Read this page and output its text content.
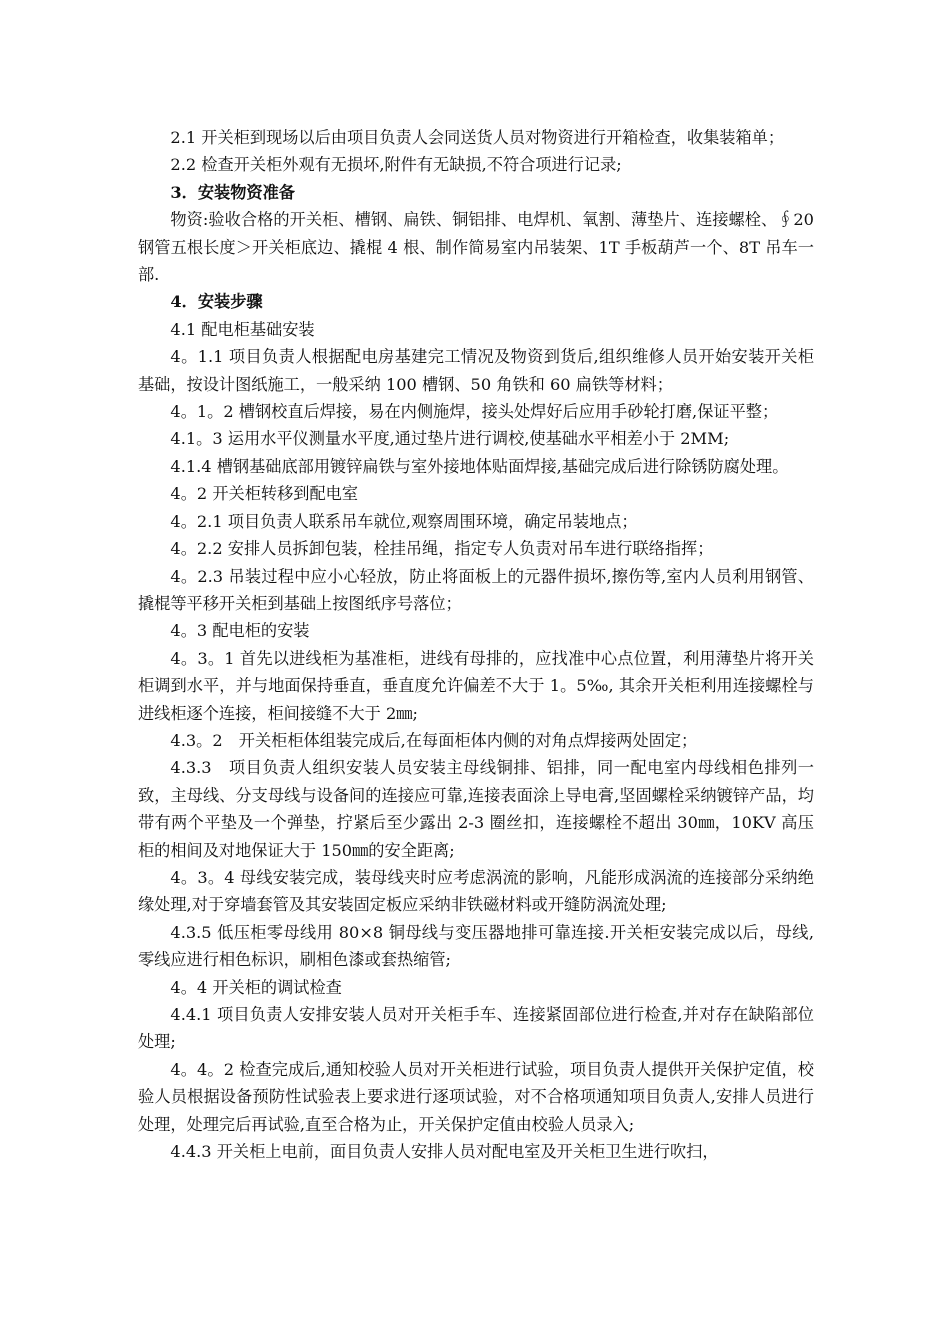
2.1 开关柜到现场以后由项目负责人会同送货人员对物资进行开箱检查，收集装箱单；

2.2 检查开关柜外观有无损坏,附件有无缺损,不符合项进行记录;

3．安装物资准备

物资:验收合格的开关柜、槽钢、扁铁、铜铝排、电焊机、氧割、薄垫片、连接螺栓、∮20 钢管五根长度＞开关柜底边、撬棍 4 根、制作简易室内吊装架、1T 手板葫芦一个、8T 吊车一部.

4．安装步骤

4.1 配电柜基础安装

4。1.1 项目负责人根据配电房基建完工情况及物资到货后,组织维修人员开始安装开关柜基础，按设计图纸施工，一般采纳 100 槽钢、50 角铁和 60 扁铁等材料；

4。1。2 槽钢校直后焊接，易在内侧施焊，接头处焊好后应用手砂轮打磨,保证平整；

4.1。3 运用水平仪测量水平度,通过垫片进行调校,使基础水平相差小于 2MM;

4.1.4 槽钢基础底部用镀锌扁铁与室外接地体贴面焊接,基础完成后进行除锈防腐处理。

4。2 开关柜转移到配电室

4。2.1 项目负责人联系吊车就位,观察周围环境，确定吊装地点；

4。2.2 安排人员拆卸包装，栓挂吊绳，指定专人负责对吊车进行联络指挥；

4。2.3 吊装过程中应小心轻放，防止将面板上的元器件损坏,擦伤等,室内人员利用钢管、撬棍等平移开关柜到基础上按图纸序号落位；

4。3 配电柜的安装

4。3。1 首先以进线柜为基准柜，进线有母排的，应找准中心点位置，利用薄垫片将开关柜调到水平，并与地面保持垂直，垂直度允许偏差不大于 1。5‰, 其余开关柜利用连接螺栓与进线柜逐个连接，柜间接缝不大于 2㎜;

4.3。2　开关柜柜体组装完成后,在每面柜体内侧的对角点焊接两处固定；

4.3.3　项目负责人组织安装人员安装主母线铜排、铝排，同一配电室内母线相色排列一致，主母线、分支母线与设备间的连接应可靠,连接表面涂上导电膏,坚固螺栓采纳镀锌产品，均带有两个平垫及一个弹垫，拧紧后至少露出 2-3 圈丝扣，连接螺栓不超出 30㎜，10KV 高压柜的相间及对地保证大于 150㎜的安全距离;

4。3。4 母线安装完成，装母线夹时应考虑涡流的影响，凡能形成涡流的连接部分采纳绝缘处理,对于穿墙套管及其安装固定板应采纳非铁磁材料或开缝防涡流处理;

4.3.5 低压柜零母线用 80×8 铜母线与变压器地排可靠连接.开关柜安装完成以后，母线,零线应进行相色标识，刷相色漆或套热缩管;

4。4 开关柜的调试检查

4.4.1 项目负责人安排安装人员对开关柜手车、连接紧固部位进行检查,并对存在缺陷部位处理;

4。4。2 检查完成后,通知校验人员对开关柜进行试验，项目负责人提供开关保护定值，校验人员根据设备预防性试验表上要求进行逐项试验，对不合格项通知项目负责人,安排人员进行处理，处理完后再试验,直至合格为止，开关保护定值由校验人员录入;

4.4.3 开关柜上电前，面目负责人安排人员对配电室及开关柜卫生进行吹扫，
